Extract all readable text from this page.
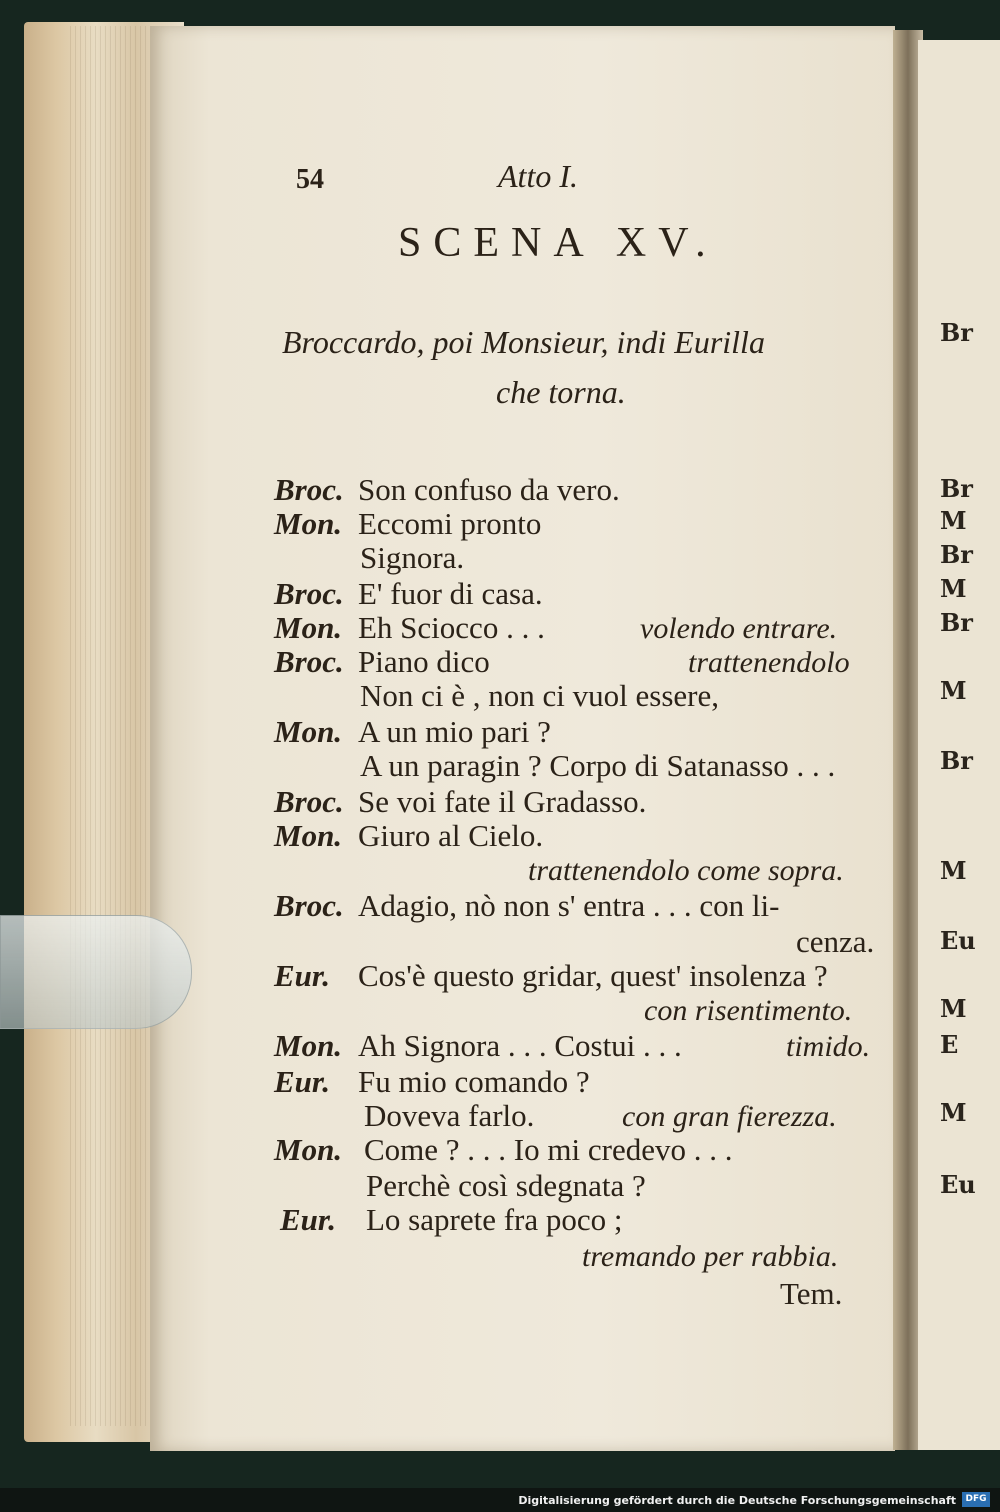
Br
Br
M
Br
M
Br
M
Br
M
Eu
M
E
M
Eu
54	Atto I.
SCENA XV.
Broccardo, poi Monsieur, indi Eurilla
che torna.
Broc. Son confuso da vero.
Mon. Eccomi pronto
Signora.
Broc. E' fuor di casa.
Mon. Eh Sciocco . . .	volendo entrare.
Broc. Piano dico	trattenendolo
Non ci è , non ci vuol essere,
Mon. A un mio pari ?
A un paragin ? Corpo di Satanasso . . .
Broc. Se voi fate il Gradasso.
Mon. Giuro al Cielo.
trattenendolo come sopra.
Broc. Adagio, nò non s' entra . . . con li-
cenza.
Eur. Cos'è questo gridar, quest' insolenza ?
con risentimento.
Mon. Ah Signora . . . Costui . . .	timido.
Eur. Fu mio comando ?
Doveva farlo.	con gran fierezza.
Mon. Come ? . . . Io mi credevo . . .
Perchè così sdegnata ?
Eur. Lo saprete fra poco ;
tremando per rabbia.
Tem.
Digitalisierung gefördert durch die Deutsche Forschungsgemeinschaft	DFG
